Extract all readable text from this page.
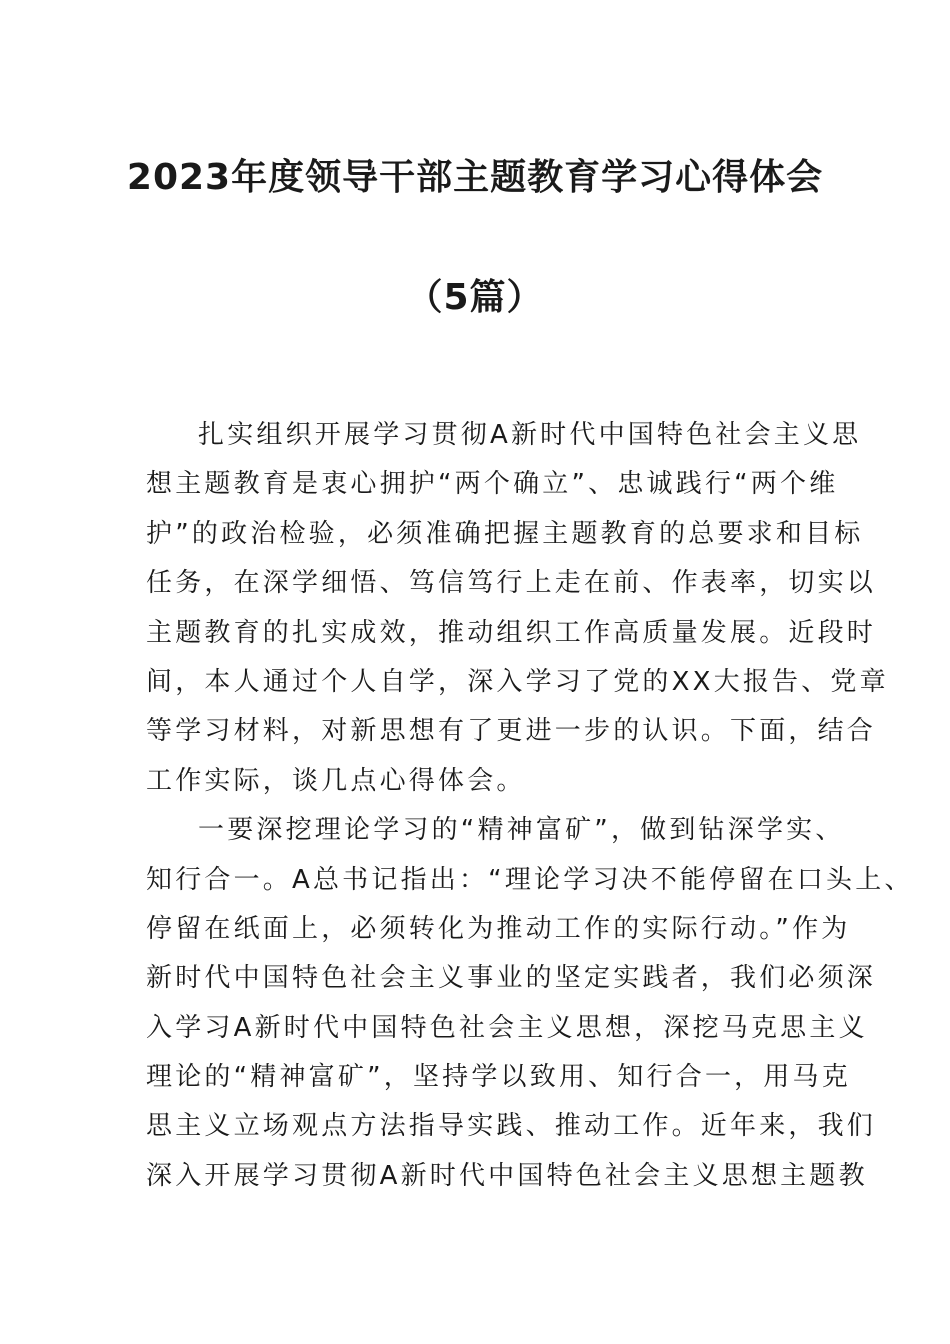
2023年度领导干部主题教育学习心得体会
（5篇）
扎实组织开展学习贯彻A新时代中国特色社会主义思
想主题教育是衷心拥护“两个确立”、忠诚践行“两个维
护”的政治检验，必须准确把握主题教育的总要求和目标
任务，在深学细悟、笃信笃行上走在前、作表率，切实以
主题教育的扎实成效，推动组织工作高质量发展。近段时
间，本人通过个人自学，深入学习了党的XX大报告、党章
等学习材料，对新思想有了更进一步的认识。下面，结合
工作实际，谈几点心得体会。
一要深挖理论学习的“精神富矿”，做到钻深学实、
知行合一。A总书记指出：“理论学习决不能停留在口头上、
停留在纸面上，必须转化为推动工作的实际行动。”作为
新时代中国特色社会主义事业的坚定实践者，我们必须深
入学习A新时代中国特色社会主义思想，深挖马克思主义
理论的“精神富矿”，坚持学以致用、知行合一，用马克
思主义立场观点方法指导实践、推动工作。近年来，我们
深入开展学习贯彻A新时代中国特色社会主义思想主题教
